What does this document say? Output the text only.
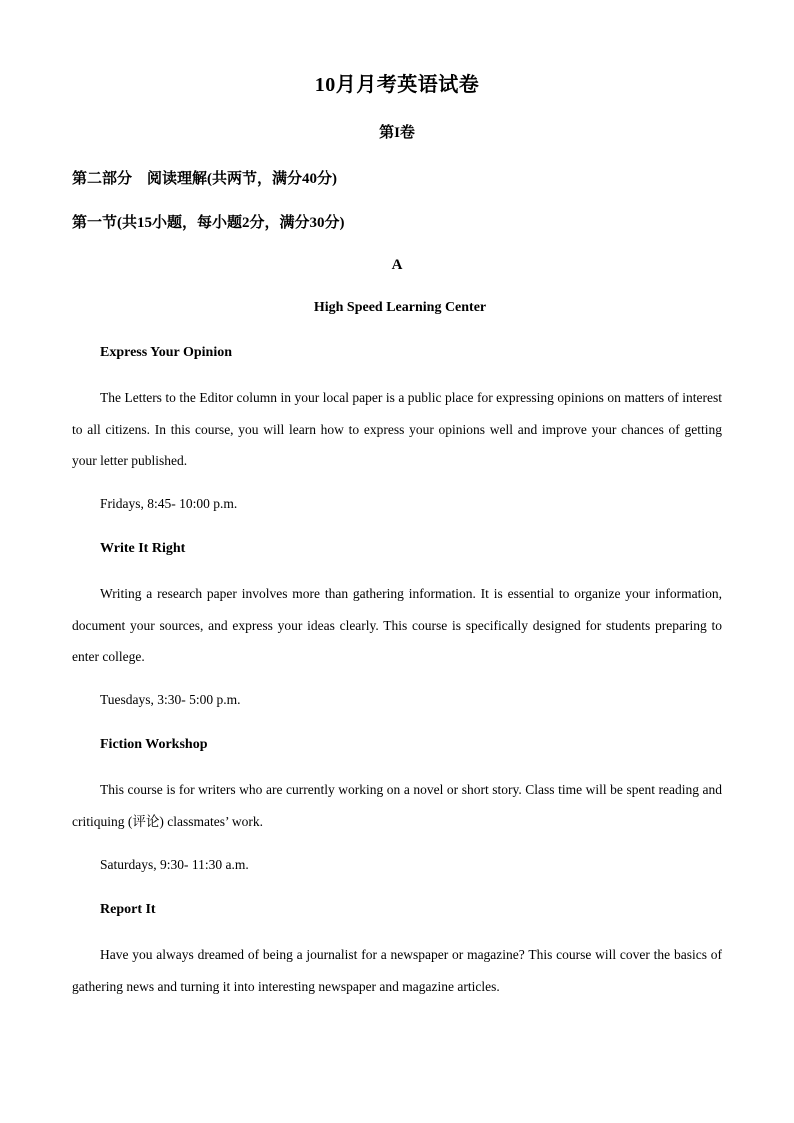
10月月考英语试卷
第I卷
第二部分　阅读理解(共两节，满分40分)
第一节(共15小题，每小题2分，满分30分)
A
High Speed Learning Center
Express Your Opinion

The Letters to the Editor column in your local paper is a public place for expressing opinions on matters of interest to all citizens. In this course, you will learn how to express your opinions well and improve your chances of getting your letter published.

Fridays, 8:45- 10:00 p.m.
Write It Right

Writing a research paper involves more than gathering information. It is essential to organize your information, document your sources, and express your ideas clearly. This course is specifically designed for students preparing to enter college.

Tuesdays, 3:30- 5:00 p.m.
Fiction Workshop

This course is for writers who are currently working on a novel or short story. Class time will be spent reading and critiquing (评论) classmates’ work.

Saturdays, 9:30- 11:30 a.m.
Report It

Have you always dreamed of being a journalist for a newspaper or magazine? This course will cover the basics of gathering news and turning it into interesting newspaper and magazine articles.
